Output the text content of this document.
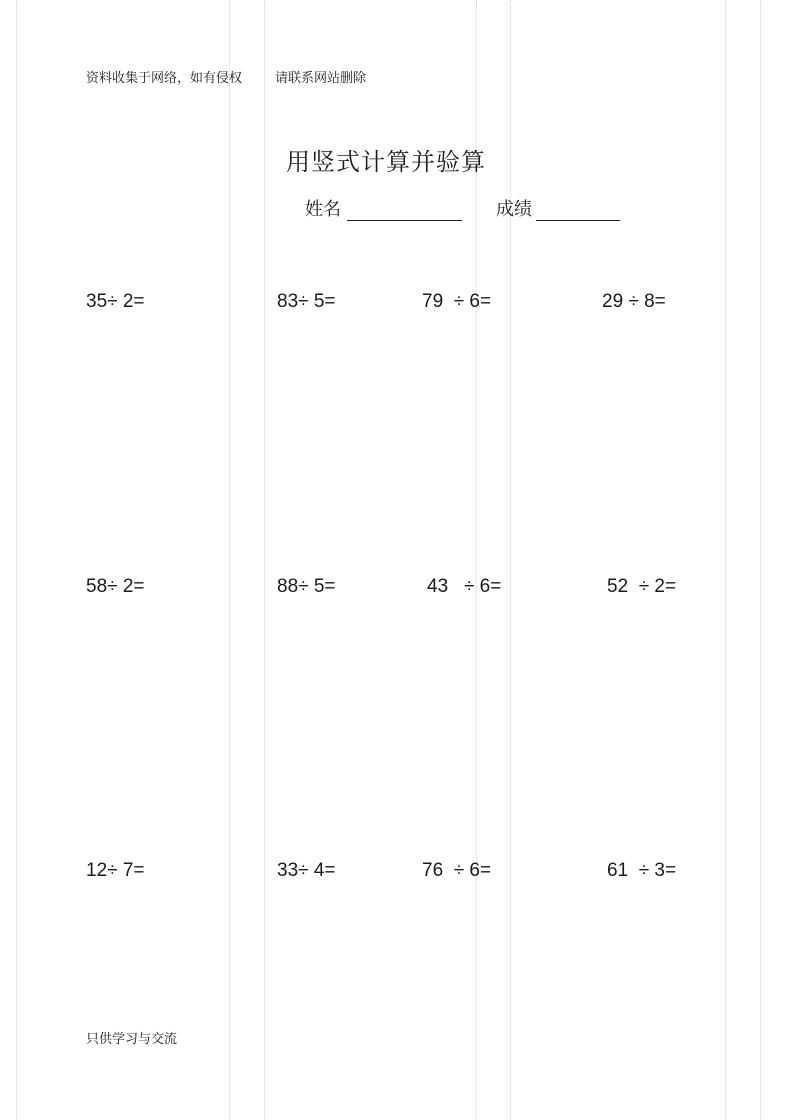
资料收集于网络，如有侵权        请联系网站删除
用竖式计算并验算
姓名	成绩
35÷ 2=	83÷ 5=	79  ÷ 6=	29 ÷ 8=
58÷ 2=	88÷ 5=	43   ÷ 6=	52  ÷ 2=
12÷ 7=	33÷ 4=	76  ÷ 6=	61  ÷ 3=
只供学习与交流
